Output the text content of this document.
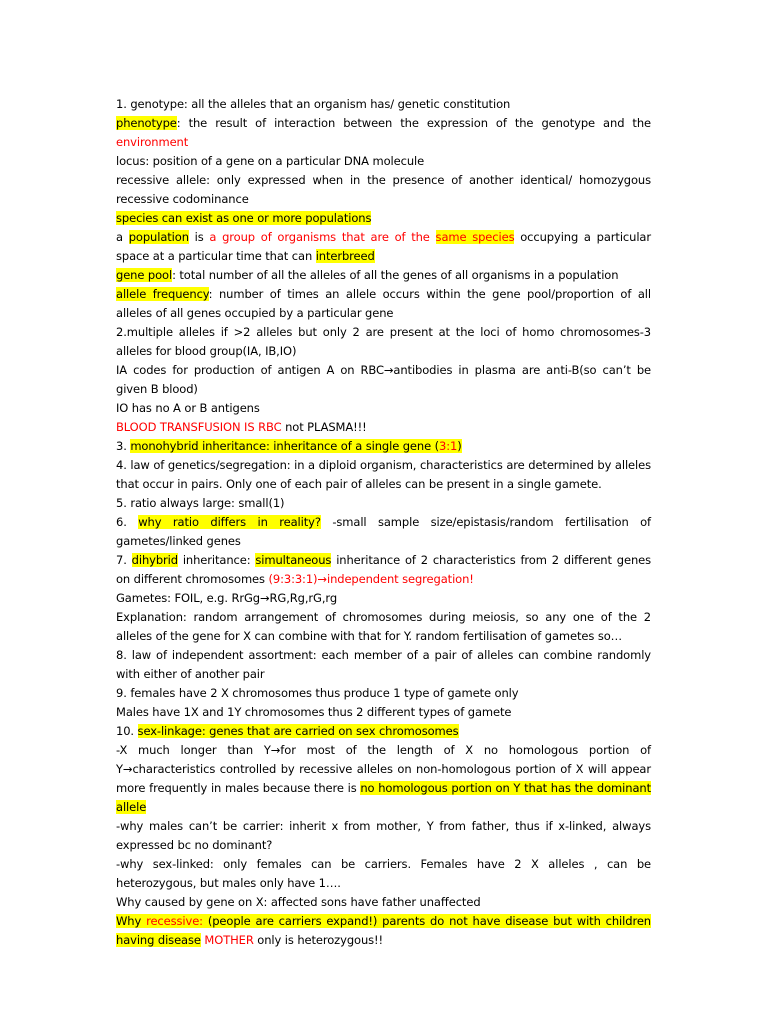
1. genotype: all the alleles that an organism has/ genetic constitution

phenotype: the result of interaction between the expression of the genotype and the environment

locus: position of a gene on a particular DNA molecule

recessive allele: only expressed when in the presence of another identical/ homozygous recessive codominance

species can exist as one or more populations

a population is a group of organisms that are of the same species occupying a particular space at a particular time that can interbreed

gene pool: total number of all the alleles of all the genes of all organisms in a population

allele frequency: number of times an allele occurs within the gene pool/proportion of all alleles of all genes occupied by a particular gene

2.multiple alleles if >2 alleles but only 2 are present at the loci of homo chromosomes-3 alleles for blood group(IA, IB,IO)

IA codes for production of antigen A on RBC→antibodies in plasma are anti-B(so can’t be given B blood)

IO has no A or B antigens

BLOOD TRANSFUSION IS RBC not PLASMA!!!

3. monohybrid inheritance: inheritance of a single gene (3:1)

4. law of genetics/segregation: in a diploid organism, characteristics are determined by alleles that occur in pairs. Only one of each pair of alleles can be present in a single gamete.

5. ratio always large: small(1)

6. why ratio differs in reality? -small sample size/epistasis/random fertilisation of gametes/linked genes

7. dihybrid inheritance: simultaneous inheritance of 2 characteristics from 2 different genes on different chromosomes (9:3:3:1)→independent segregation!

Gametes: FOIL, e.g. RrGg→RG,Rg,rG,rg

Explanation: random arrangement of chromosomes during meiosis, so any one of the 2 alleles of the gene for X can combine with that for Y. random fertilisation of gametes so…

8. law of independent assortment: each member of a pair of alleles can combine randomly with either of another pair

9. females have 2 X chromosomes thus produce 1 type of gamete only

Males have 1X and 1Y chromosomes thus 2 different types of gamete

10. sex-linkage: genes that are carried on sex chromosomes

-X much longer than Y→for most of the length of X no homologous portion of Y→characteristics controlled by recessive alleles on non-homologous portion of X will appear more frequently in males because there is no homologous portion on Y that has the dominant allele

-why males can’t be carrier: inherit x from mother, Y from father, thus if x-linked, always expressed bc no dominant?

-why sex-linked: only females can be carriers. Females have 2 X alleles , can be heterozygous, but males only have 1….

Why caused by gene on X: affected sons have father unaffected

Why recessive: (people are carriers expand!) parents do not have disease but with children having disease MOTHER only is heterozygous!!
